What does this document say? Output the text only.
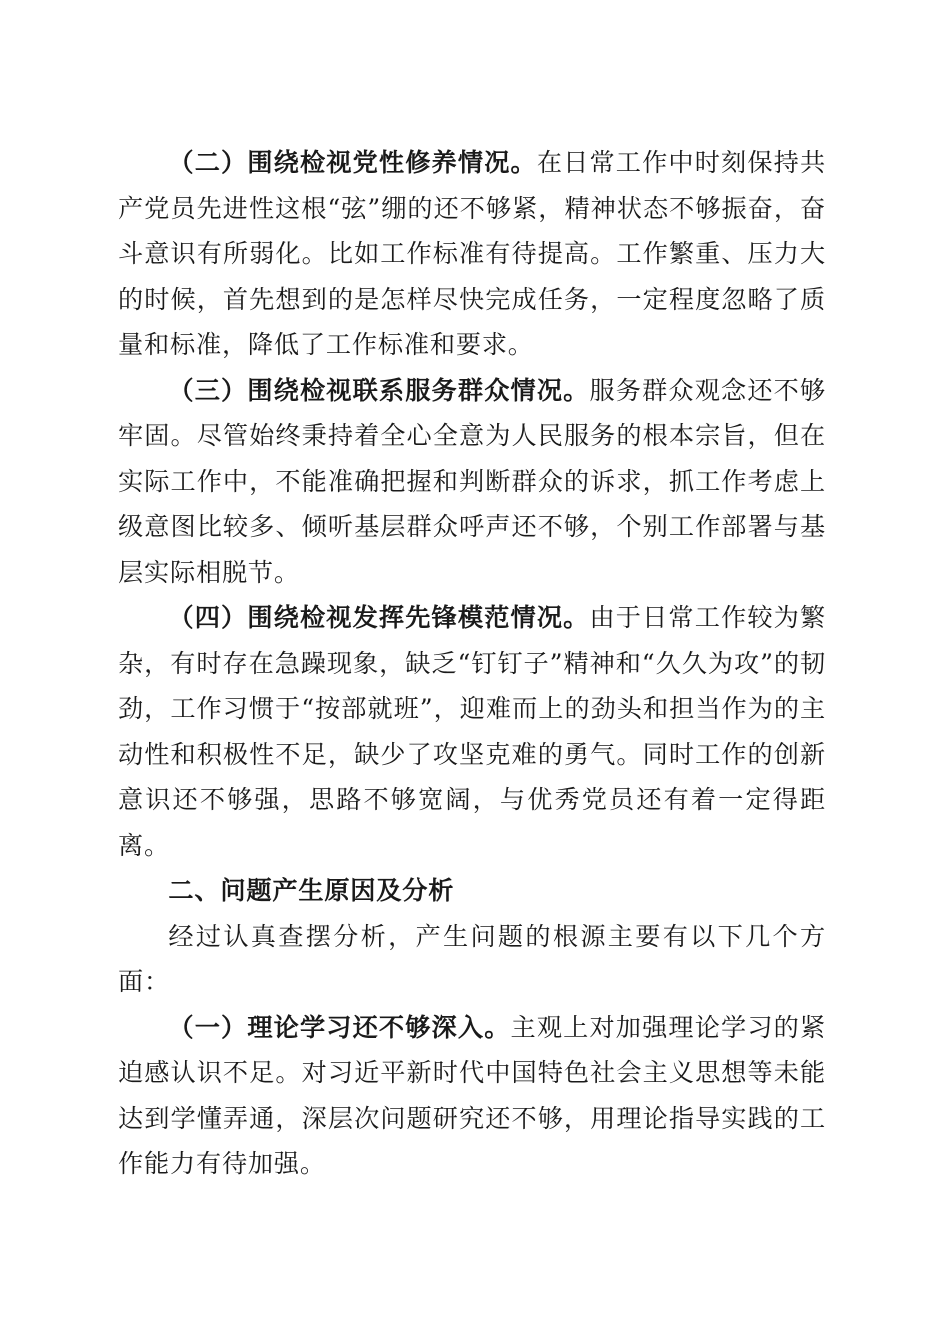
（二）围绕检视党性修养情况。在日常工作中时刻保持共产党员先进性这根“弦”绷的还不够紧，精神状态不够振奋，奋斗意识有所弱化。比如工作标准有待提高。工作繁重、压力大的时候，首先想到的是怎样尽快完成任务，一定程度忽略了质量和标准，降低了工作标准和要求。

（三）围绕检视联系服务群众情况。服务群众观念还不够牢固。尽管始终秉持着全心全意为人民服务的根本宗旨，但在实际工作中，不能准确把握和判断群众的诉求，抓工作考虑上级意图比较多、倾听基层群众呼声还不够，个别工作部署与基层实际相脱节。

（四）围绕检视发挥先锋模范情况。由于日常工作较为繁杂，有时存在急躁现象，缺乏“钉钉子”精神和“久久为攻”的韧劲，工作习惯于“按部就班”，迎难而上的劲头和担当作为的主动性和积极性不足，缺少了攻坚克难的勇气。同时工作的创新意识还不够强，思路不够宽阔，与优秀党员还有着一定得距离。

二、问题产生原因及分析

经过认真查摆分析，产生问题的根源主要有以下几个方面：

（一）理论学习还不够深入。主观上对加强理论学习的紧迫感认识不足。对习近平新时代中国特色社会主义思想等未能达到学懂弄通，深层次问题研究还不够，用理论指导实践的工作能力有待加强。
